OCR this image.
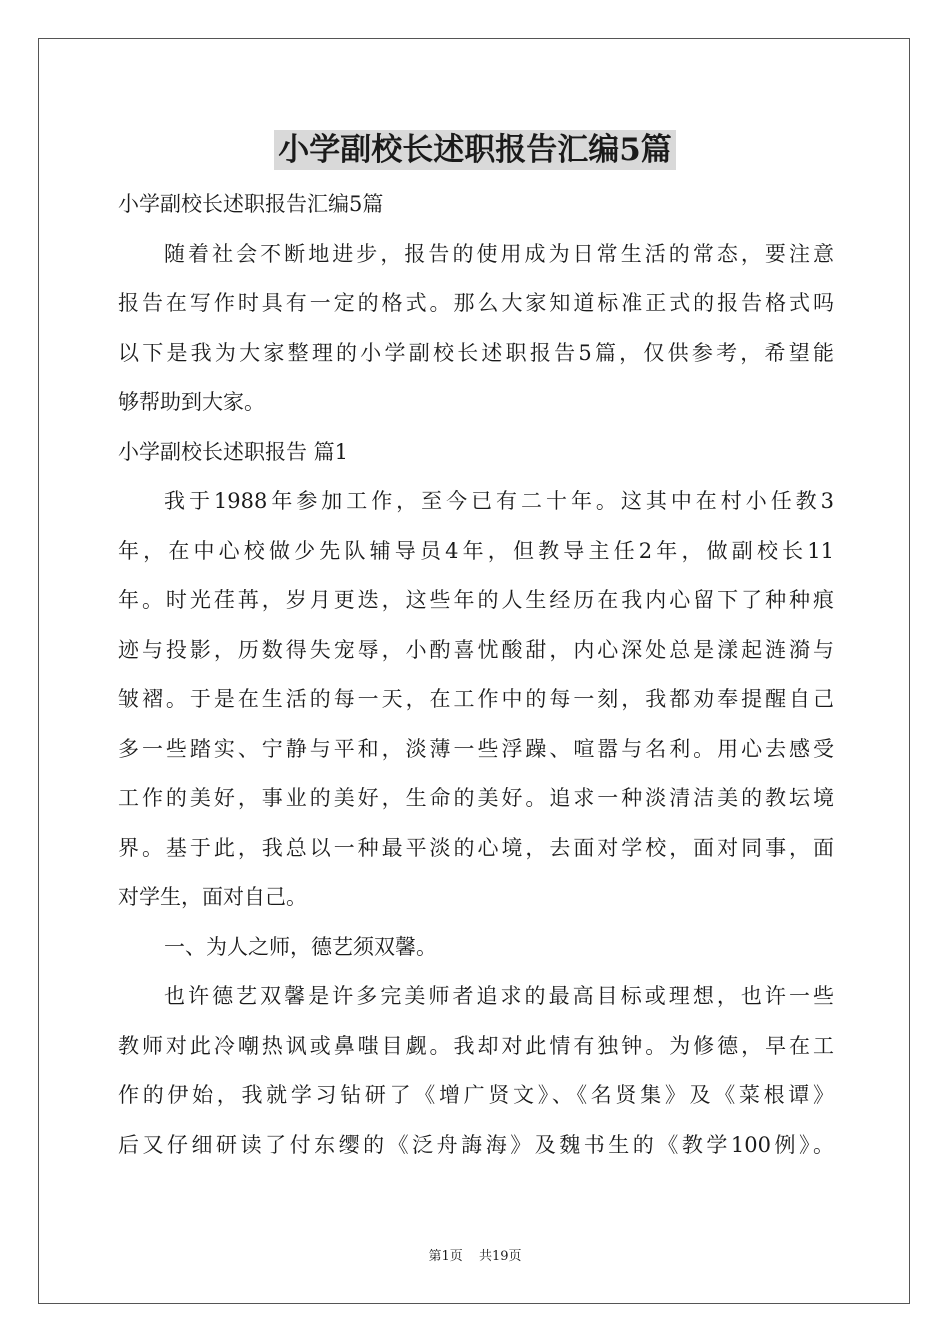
小学副校长述职报告汇编5篇

小学副校长述职报告汇编5篇

随着社会不断地进步，报告的使用成为日常生活的常态，要注意

报告在写作时具有一定的格式。那么大家知道标准正式的报告格式吗

以下是我为大家整理的小学副校长述职报告5篇，仅供参考，希望能

够帮助到大家。

小学副校长述职报告 篇1

我于1988年参加工作，至今已有二十年。这其中在村小任教3

年，在中心校做少先队辅导员4年，但教导主任2年，做副校长11

年。时光荏苒，岁月更迭，这些年的人生经历在我内心留下了种种痕

迹与投影，历数得失宠辱，小酌喜忧酸甜，内心深处总是漾起涟漪与

皱褶。于是在生活的每一天，在工作中的每一刻，我都劝奉提醒自己

多一些踏实、宁静与平和，淡薄一些浮躁、喧嚣与名利。用心去感受

工作的美好，事业的美好，生命的美好。追求一种淡清洁美的教坛境

界。基于此，我总以一种最平淡的心境，去面对学校，面对同事，面

对学生，面对自己。

一、为人之师，德艺须双馨。

也许德艺双馨是许多完美师者追求的最高目标或理想，也许一些

教师对此冷嘲热讽或鼻嗤目觑。我却对此情有独钟。为修德，早在工

作的伊始，我就学习钻研了《增广贤文》、《名贤集》及《菜根谭》

后又仔细研读了付东缨的《泛舟誨海》及魏书生的《教学100例》。

第1页 共19页
